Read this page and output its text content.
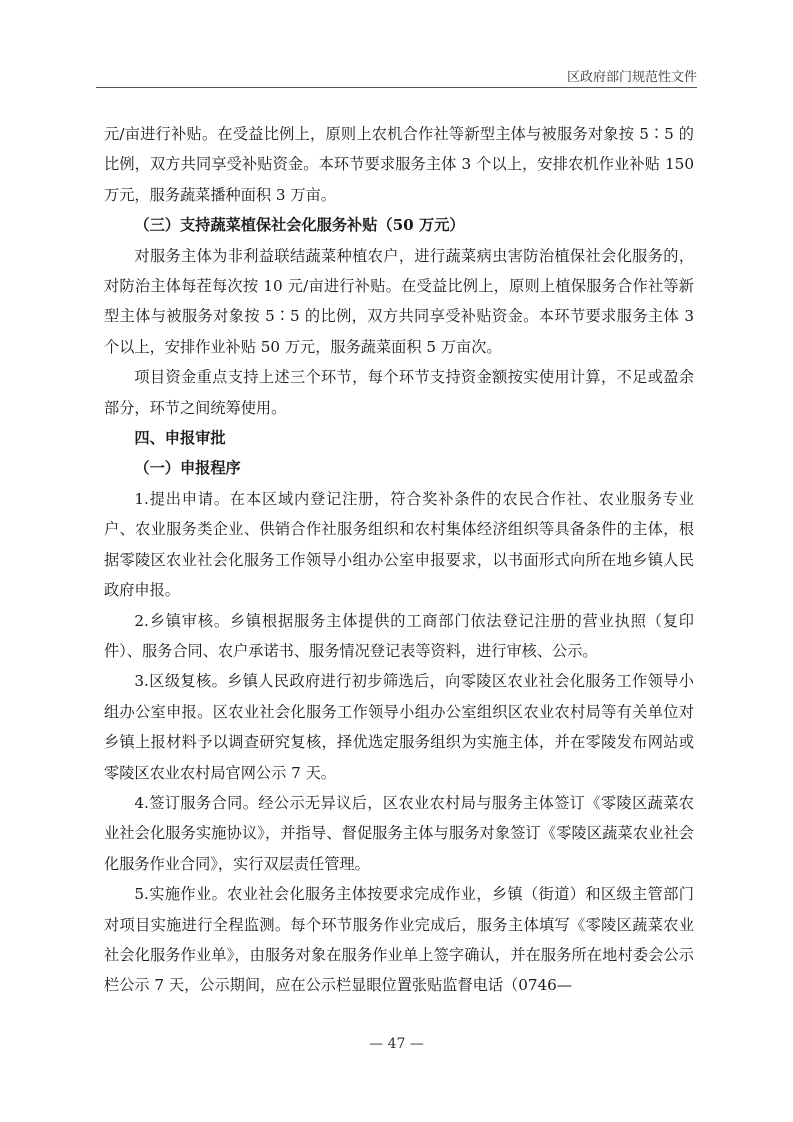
区政府部门规范性文件

元/亩进行补贴。在受益比例上，原则上农机合作社等新型主体与被服务对象按 5∶5 的比例，双方共同享受补贴资金。本环节要求服务主体 3 个以上，安排农机作业补贴 150 万元，服务蔬菜播种面积 3 万亩。

（三）支持蔬菜植保社会化服务补贴（50 万元）

对服务主体为非利益联结蔬菜种植农户，进行蔬菜病虫害防治植保社会化服务的，对防治主体每茬每次按 10 元/亩进行补贴。在受益比例上，原则上植保服务合作社等新型主体与被服务对象按 5∶5 的比例，双方共同享受补贴资金。本环节要求服务主体 3 个以上，安排作业补贴 50 万元，服务蔬菜面积 5 万亩次。

项目资金重点支持上述三个环节，每个环节支持资金额按实使用计算，不足或盈余部分，环节之间统筹使用。

四、申报审批

（一）申报程序

1.提出申请。在本区域内登记注册，符合奖补条件的农民合作社、农业服务专业户、农业服务类企业、供销合作社服务组织和农村集体经济组织等具备条件的主体，根据零陵区农业社会化服务工作领导小组办公室申报要求，以书面形式向所在地乡镇人民政府申报。

2.乡镇审核。乡镇根据服务主体提供的工商部门依法登记注册的营业执照（复印件）、服务合同、农户承诺书、服务情况登记表等资料，进行审核、公示。

3.区级复核。乡镇人民政府进行初步筛选后，向零陵区农业社会化服务工作领导小组办公室申报。区农业社会化服务工作领导小组办公室组织区农业农村局等有关单位对乡镇上报材料予以调查研究复核，择优选定服务组织为实施主体，并在零陵发布网站或零陵区农业农村局官网公示 7 天。

4.签订服务合同。经公示无异议后，区农业农村局与服务主体签订《零陵区蔬菜农业社会化服务实施协议》，并指导、督促服务主体与服务对象签订《零陵区蔬菜农业社会化服务作业合同》，实行双层责任管理。

5.实施作业。农业社会化服务主体按要求完成作业，乡镇（街道）和区级主管部门对项目实施进行全程监测。每个环节服务作业完成后，服务主体填写《零陵区蔬菜农业社会化服务作业单》，由服务对象在服务作业单上签字确认，并在服务所在地村委会公示栏公示 7 天，公示期间，应在公示栏显眼位置张贴监督电话（0746—

— 47 —
